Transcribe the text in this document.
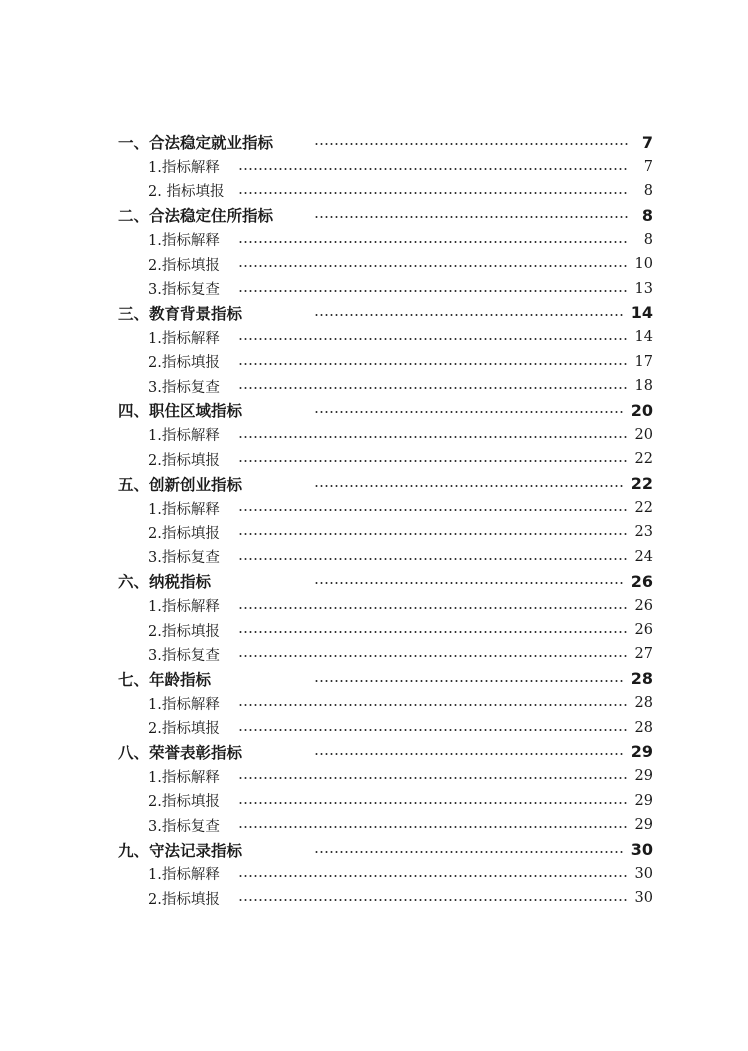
一、合法稳定就业指标	7
1.指标解释	7
2. 指标填报	8
二、合法稳定住所指标	8
1.指标解释	8
2.指标填报	10
3.指标复查	13
三、教育背景指标	14
1.指标解释	14
2.指标填报	17
3.指标复查	18
四、职住区域指标	20
1.指标解释	20
2.指标填报	22
五、创新创业指标	22
1.指标解释	22
2.指标填报	23
3.指标复查	24
六、纳税指标	26
1.指标解释	26
2.指标填报	26
3.指标复查	27
七、年龄指标	28
1.指标解释	28
2.指标填报	28
八、荣誉表彰指标	29
1.指标解释	29
2.指标填报	29
3.指标复查	29
九、守法记录指标	30
1.指标解释	30
2.指标填报	30
